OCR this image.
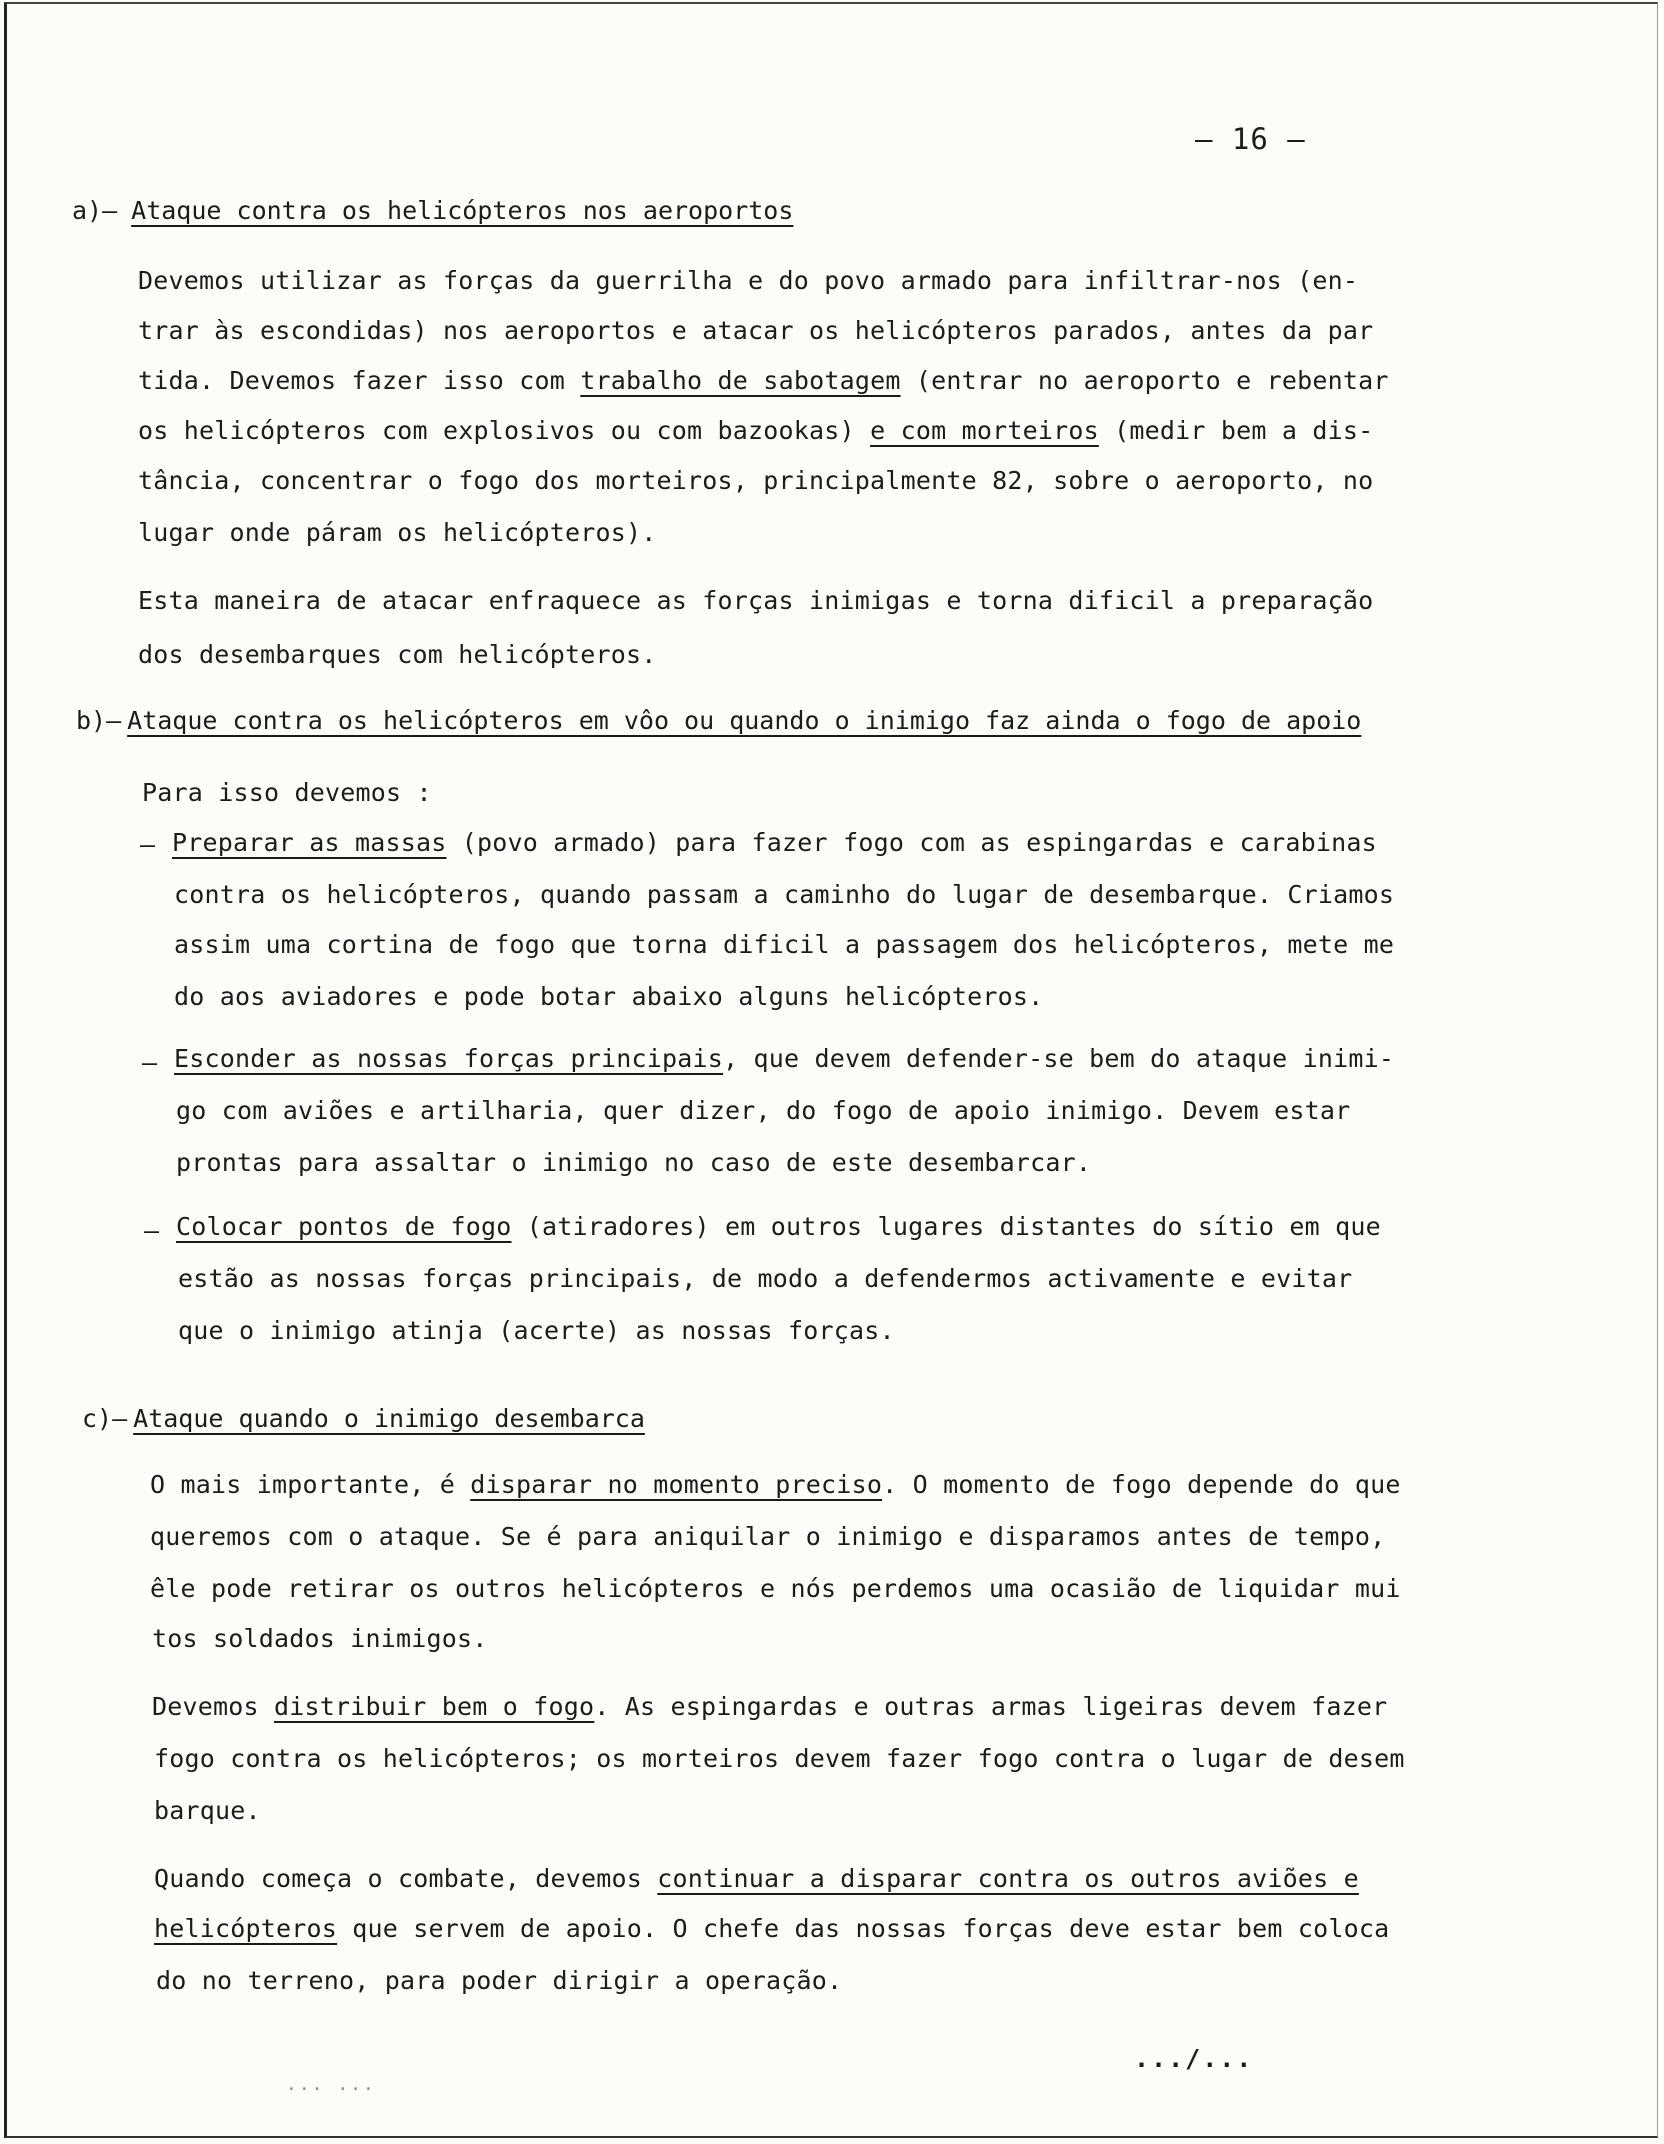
– 16 –
a)– Ataque contra os helicópteros nos aeroportos
Devemos utilizar as forças da guerrilha e do povo armado para infiltrar-nos (en-
trar às escondidas) nos aeroportos e atacar os helicópteros parados, antes da par
tida. Devemos fazer isso com trabalho de sabotagem (entrar no aeroporto e rebentar
os helicópteros com explosivos ou com bazookas) e com morteiros (medir bem a dis-
tância, concentrar o fogo dos morteiros, principalmente 82, sobre o aeroporto, no
lugar onde páram os helicópteros).
Esta maneira de atacar enfraquece as forças inimigas e torna dificil a preparação
dos desembarques com helicópteros.
b)– Ataque contra os helicópteros em vôo ou quando o inimigo faz ainda o fogo de apoio
Para isso devemos :
– Preparar as massas (povo armado) para fazer fogo com as espingardas e carabinas
contra os helicópteros, quando passam a caminho do lugar de desembarque. Criamos
assim uma cortina de fogo que torna dificil a passagem dos helicópteros, mete me
do aos aviadores e pode botar abaixo alguns helicópteros.
– Esconder as nossas forças principais, que devem defender-se bem do ataque inimi-
go com aviões e artilharia, quer dizer, do fogo de apoio inimigo. Devem estar
prontas para assaltar o inimigo no caso de este desembarcar.
– Colocar pontos de fogo (atiradores) em outros lugares distantes do sítio em que
estão as nossas forças principais, de modo a defendermos activamente e evitar
que o inimigo atinja (acerte) as nossas forças.
c)– Ataque quando o inimigo desembarca
O mais importante, é disparar no momento preciso. O momento de fogo depende do que
queremos com o ataque. Se é para aniquilar o inimigo e disparamos antes de tempo,
êle pode retirar os outros helicópteros e nós perdemos uma ocasião de liquidar mui
tos soldados inimigos.
Devemos distribuir bem o fogo. As espingardas e outras armas ligeiras devem fazer
fogo contra os helicópteros; os morteiros devem fazer fogo contra o lugar de desem
barque.
Quando começa o combate, devemos continuar a disparar contra os outros aviões e
helicópteros que servem de apoio. O chefe das nossas forças deve estar bem coloca
do no terreno, para poder dirigir a operação.
.../...
... ...
